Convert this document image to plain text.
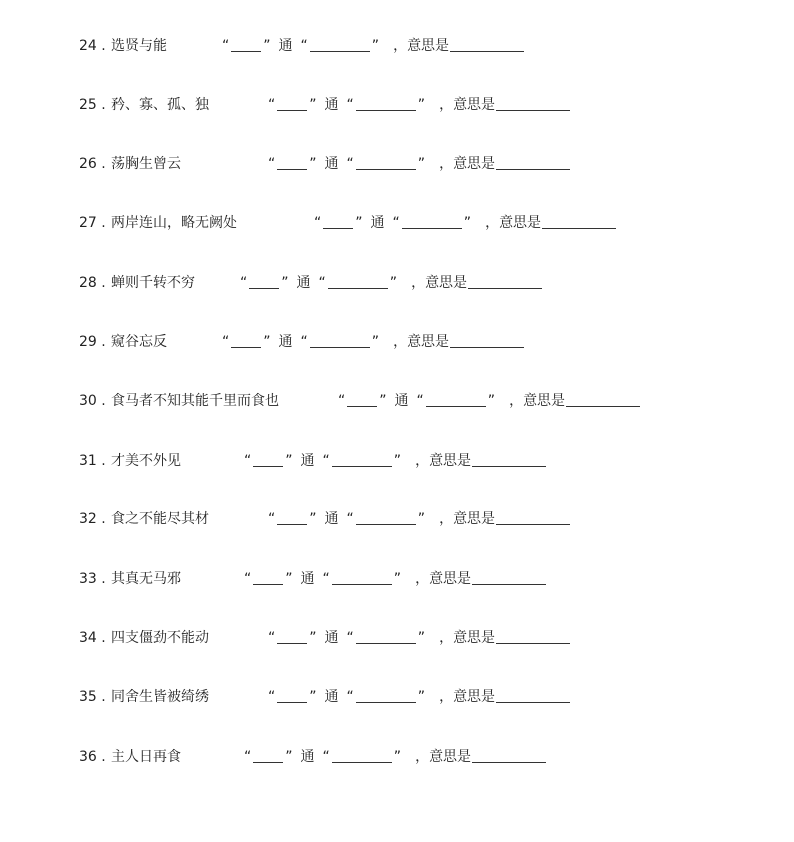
24 . 选贤与能	“ ” 通 “	” ，意思是
25 . 矜、寡、孤、独	“ ” 通 “	” ，意思是
26 . 荡胸生曾云	“ ” 通 “	” ，意思是
27 . 两岸连山，略无阙处	“ ” 通 “	” ，意思是
28 . 蝉则千转不穷	“ ” 通 “	” ，意思是
29 . 窥谷忘反	“ ” 通 “	” ，意思是
30 . 食马者不知其能千里而食也	“ ” 通 “	” ，意思是
31 . 才美不外见	“ ” 通 “	” ，意思是
32 . 食之不能尽其材	“ ” 通 “	” ，意思是
33 . 其真无马邪	“ ” 通 “	” ，意思是
34 . 四支僵劲不能动	“ ” 通 “	” ，意思是
35 . 同舍生皆被绮绣	“ ” 通 “	” ，意思是
36 . 主人日再食	“ ” 通 “	” ，意思是
